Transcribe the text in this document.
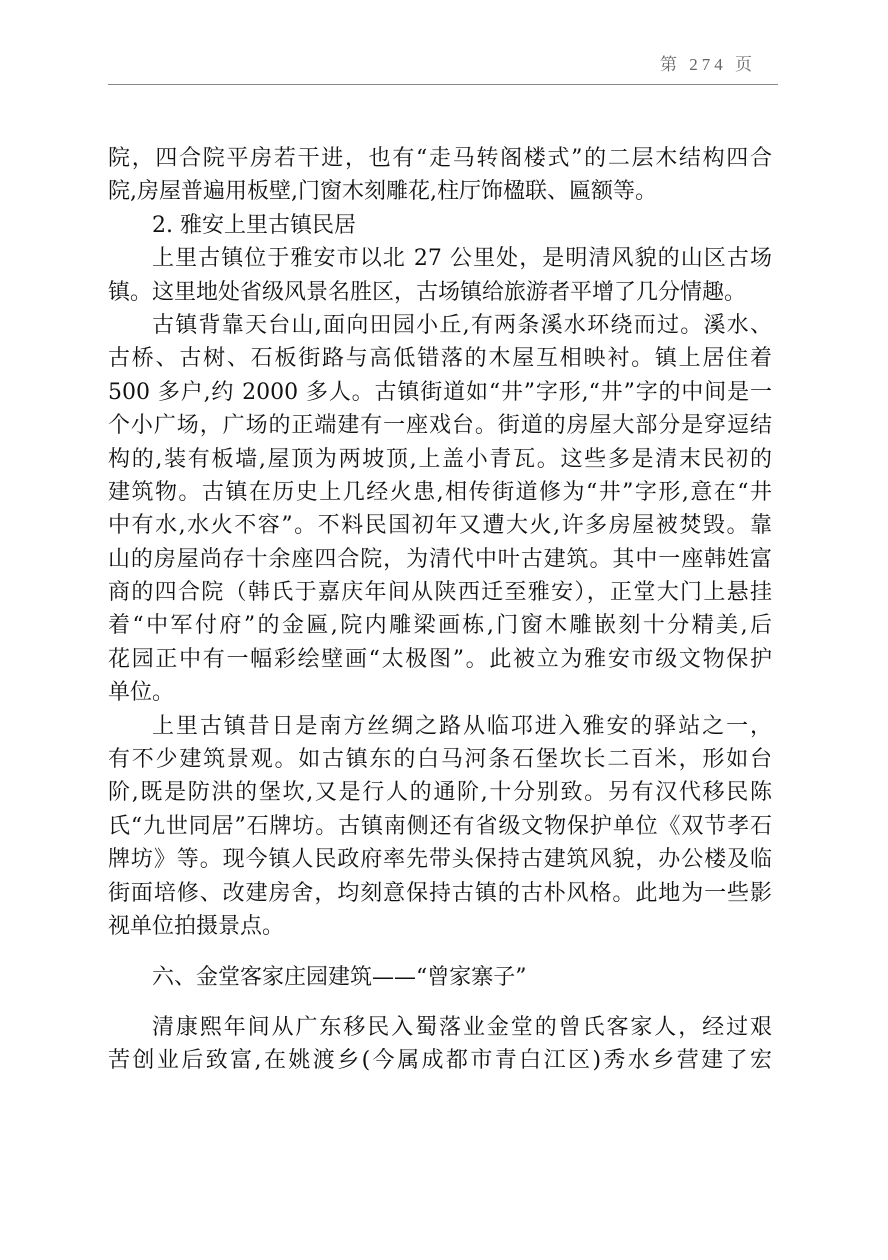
第 274 页
院，四合院平房若干进，也有“走马转阁楼式”的二层木结构四合
院,房屋普遍用板壁,门窗木刻雕花,柱厅饰楹联、匾额等。
2. 雅安上里古镇民居
上里古镇位于雅安市以北 27 公里处，是明清风貌的山区古场
镇。这里地处省级风景名胜区，古场镇给旅游者平增了几分情趣。
古镇背靠天台山,面向田园小丘,有两条溪水环绕而过。溪水、
古桥、古树、石板街路与高低错落的木屋互相映衬。镇上居住着
500 多户,约 2000 多人。古镇街道如“井”字形,“井”字的中间是一
个小广场，广场的正端建有一座戏台。街道的房屋大部分是穿逗结
构的,装有板墙,屋顶为两坡顶,上盖小青瓦。这些多是清末民初的
建筑物。古镇在历史上几经火患,相传街道修为“井”字形,意在“井
中有水,水火不容”。不料民国初年又遭大火,许多房屋被焚毁。靠
山的房屋尚存十余座四合院，为清代中叶古建筑。其中一座韩姓富
商的四合院（韩氏于嘉庆年间从陕西迁至雅安），正堂大门上悬挂
着“中军付府”的金匾,院内雕梁画栋,门窗木雕嵌刻十分精美,后
花园正中有一幅彩绘壁画“太极图”。此被立为雅安市级文物保护
单位。
上里古镇昔日是南方丝绸之路从临邛进入雅安的驿站之一，
有不少建筑景观。如古镇东的白马河条石堡坎长二百米，形如台
阶,既是防洪的堡坎,又是行人的通阶,十分别致。另有汉代移民陈
氏“九世同居”石牌坊。古镇南侧还有省级文物保护单位《双节孝石
牌坊》等。现今镇人民政府率先带头保持古建筑风貌，办公楼及临
街面培修、改建房舍，均刻意保持古镇的古朴风格。此地为一些影
视单位拍摄景点。
六、金堂客家庄园建筑——“曾家寨子”
清康熙年间从广东移民入蜀落业金堂的曾氏客家人，经过艰
苦创业后致富,在姚渡乡(今属成都市青白江区)秀水乡营建了宏
